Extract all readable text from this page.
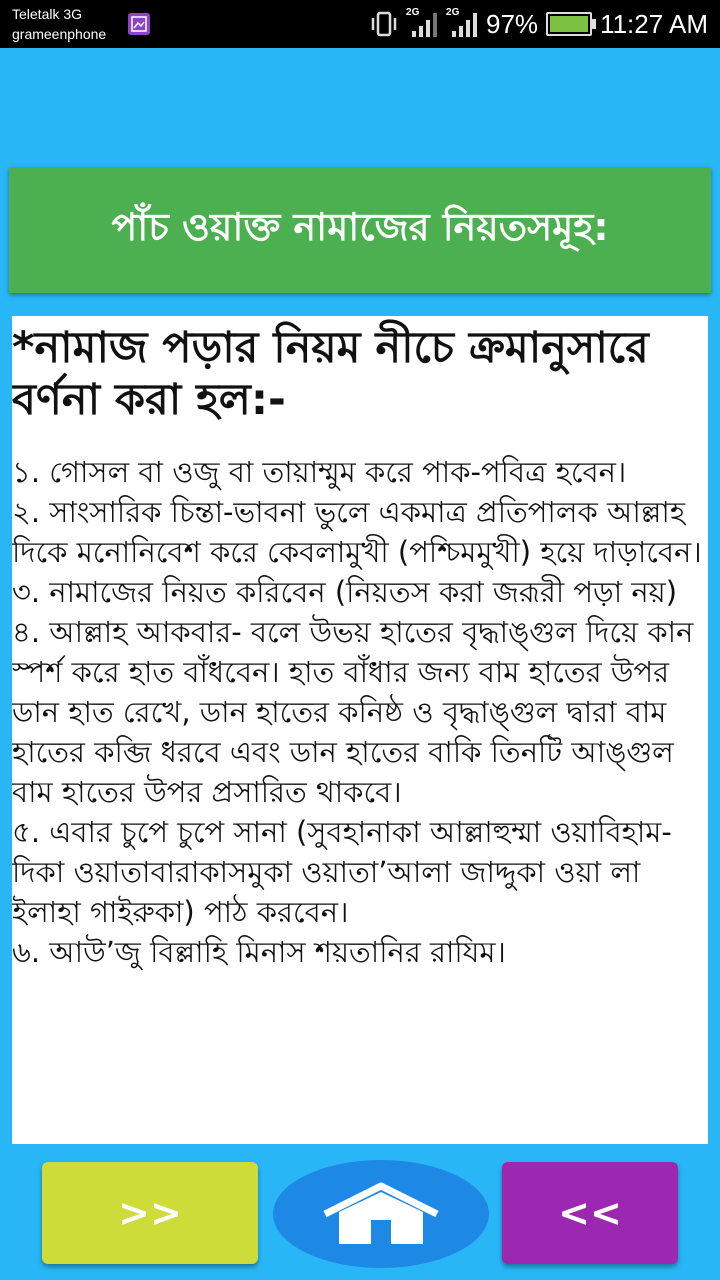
Teletalk 3G
grameenphone
2G	2G 97% 11:27 AM
পাঁচ ওয়াক্ত নামাজের নিয়তসমূহ:
*নামাজ পড়ার নিয়ম নীচে ক্রমানুসারে বর্ণনা করা হল:-

১. গোসল বা ওজু বা তায়াম্মুম করে পাক-পবিত্র হবেন।

২. সাংসারিক চিন্তা-ভাবনা ভুলে একমাত্র প্রতিপালক আল্লাহ দিকে মনোনিবেশ করে কেবলামুখী (পশ্চিমমুখী) হয়ে দাড়াবেন।

৩. নামাজের নিয়ত করিবেন (নিয়তস করা জরূরী পড়া নয়)

৪. আল্লাহ আকবার- বলে উভয় হাতের বৃদ্ধাঙ্গুল দিয়ে কান স্পর্শ করে হাত বাঁধবেন। হাত বাঁধার জন্য বাম হাতের উপর ডান হাত রেখে, ডান হাতের কনিষ্ঠ ও বৃদ্ধাঙ্গুল দ্বারা বাম হাতের কব্জি ধরবে এবং ডান হাতের বাকি তিনটি আঙ্গুল বাম হাতের উপর প্রসারিত থাকবে।

৫. এবার চুপে চুপে সানা (সুবহানাকা আল্লাহুম্মা ওয়াবিহাম-দিকা ওয়াতাবারাকাসমুকা ওয়াতা’আলা জাদ্দুকা ওয়া লা ইলাহা গাইরুকা) পাঠ করবেন।

৬. আউ’জু বিল্লাহি মিনাস শয়তানির রাযিম।

>>	<<
